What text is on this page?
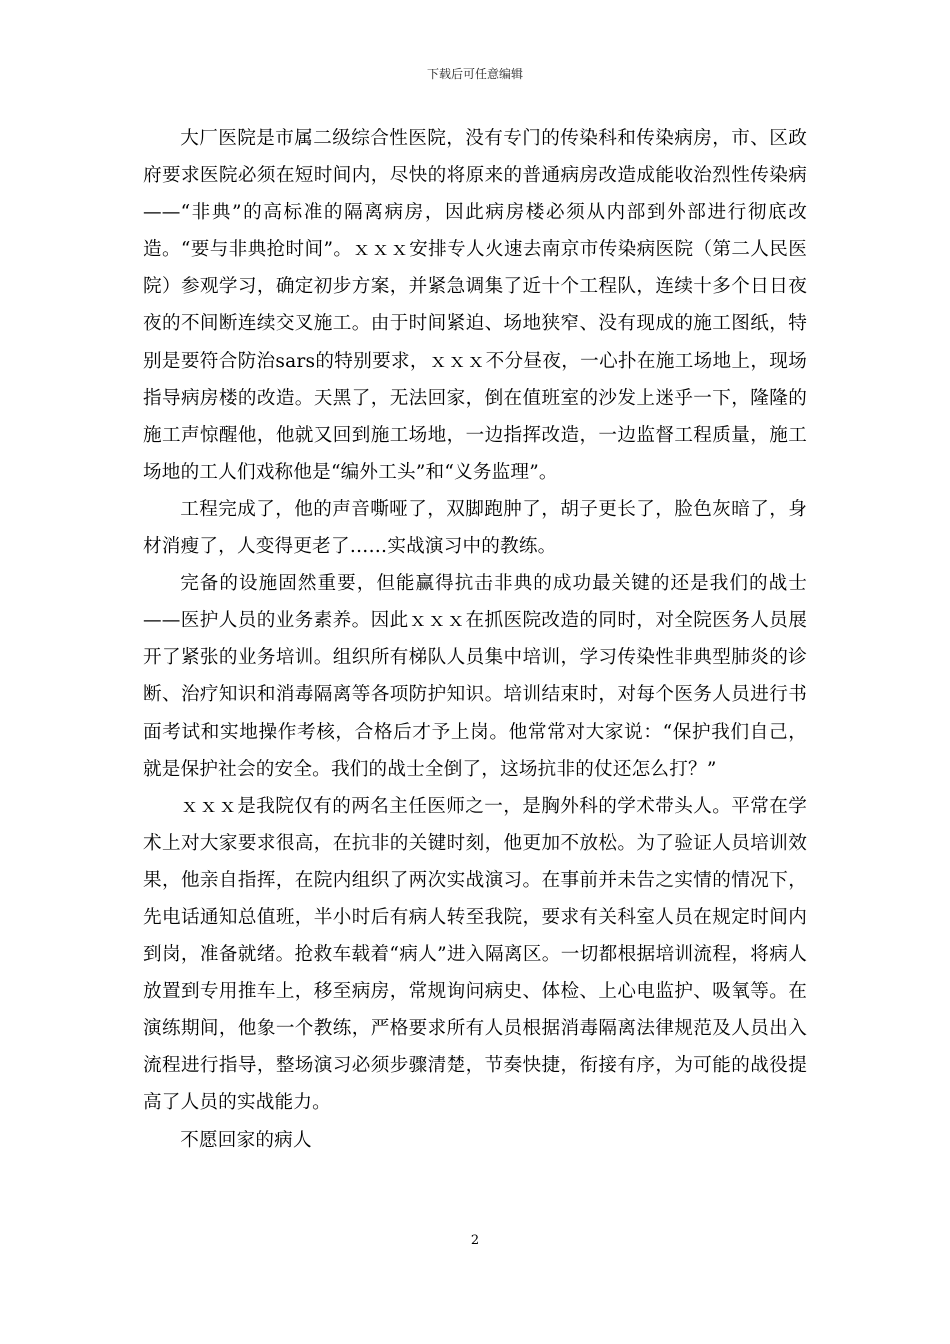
下载后可任意编辑

大厂医院是市属二级综合性医院，没有专门的传染科和传染病房，市、区政府要求医院必须在短时间内，尽快的将原来的普通病房改造成能收治烈性传染病——“非典”的高标准的隔离病房，因此病房楼必须从内部到外部进行彻底改造。“要与非典抢时间”。ｘｘｘ安排专人火速去南京市传染病医院（第二人民医院）参观学习，确定初步方案，并紧急调集了近十个工程队，连续十多个日日夜夜的不间断连续交叉施工。由于时间紧迫、场地狭窄、没有现成的施工图纸，特别是要符合防治sars的特别要求，ｘｘｘ不分昼夜，一心扑在施工场地上，现场指导病房楼的改造。天黑了，无法回家，倒在值班室的沙发上迷乎一下，隆隆的施工声惊醒他，他就又回到施工场地，一边指挥改造，一边监督工程质量，施工场地的工人们戏称他是“编外工头”和“义务监理”。

工程完成了，他的声音嘶哑了，双脚跑肿了，胡子更长了，脸色灰暗了，身材消瘦了，人变得更老了……实战演习中的教练。

完备的设施固然重要，但能赢得抗击非典的成功最关键的还是我们的战士——医护人员的业务素养。因此ｘｘｘ在抓医院改造的同时，对全院医务人员展开了紧张的业务培训。组织所有梯队人员集中培训，学习传染性非典型肺炎的诊断、治疗知识和消毒隔离等各项防护知识。培训结束时，对每个医务人员进行书面考试和实地操作考核，合格后才予上岗。他常常对大家说：“保护我们自己，就是保护社会的安全。我们的战士全倒了，这场抗非的仗还怎么打？”

ｘｘｘ是我院仅有的两名主任医师之一，是胸外科的学术带头人。平常在学术上对大家要求很高，在抗非的关键时刻，他更加不放松。为了验证人员培训效果，他亲自指挥，在院内组织了两次实战演习。在事前并未告之实情的情况下，先电话通知总值班，半小时后有病人转至我院，要求有关科室人员在规定时间内到岗，准备就绪。抢救车载着“病人”进入隔离区。一切都根据培训流程，将病人放置到专用推车上，移至病房，常规询问病史、体检、上心电监护、吸氧等。在演练期间，他象一个教练，严格要求所有人员根据消毒隔离法律规范及人员出入流程进行指导，整场演习必须步骤清楚，节奏快捷，衔接有序，为可能的战役提高了人员的实战能力。

不愿回家的病人

2
